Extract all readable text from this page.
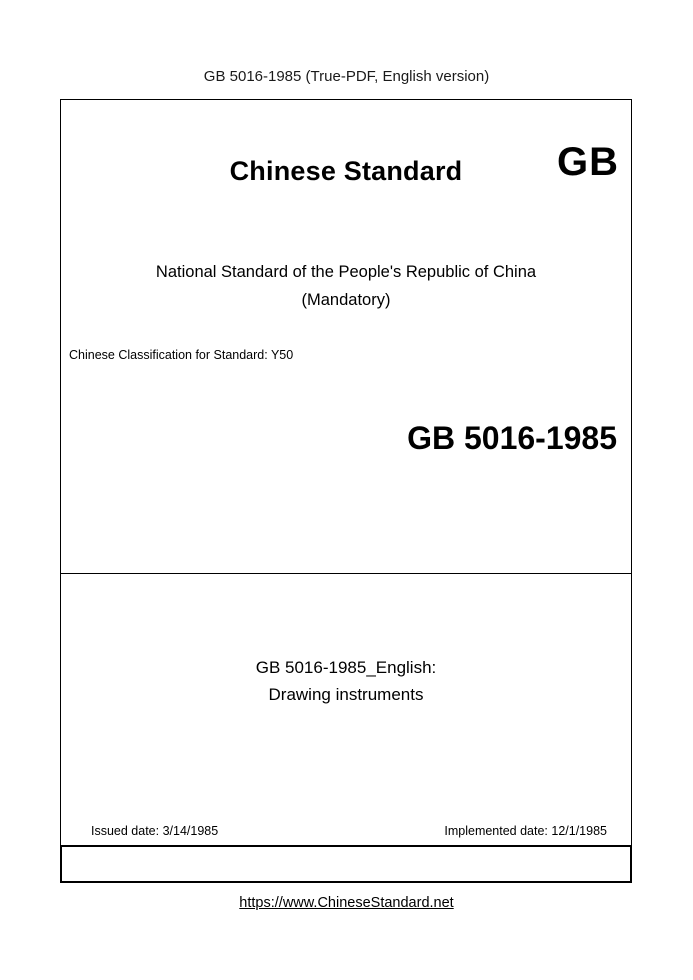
GB 5016-1985 (True-PDF, English version)
Chinese Standard	GB
National Standard of the People's Republic of China
(Mandatory)
Chinese Classification for Standard: Y50
GB 5016-1985
GB 5016-1985_English:
Drawing instruments
Issued date: 3/14/1985	Implemented date: 12/1/1985
https://www.ChineseStandard.net
